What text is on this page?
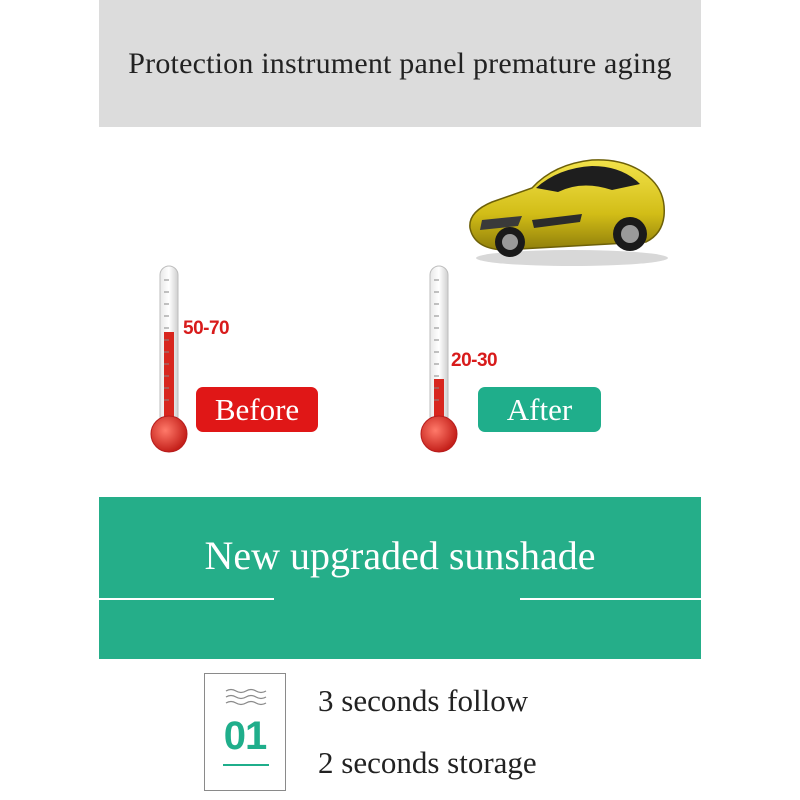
Protection instrument panel premature aging
50-70
Before
20-30
After
New upgraded sunshade
01
3 seconds follow
2 seconds storage
